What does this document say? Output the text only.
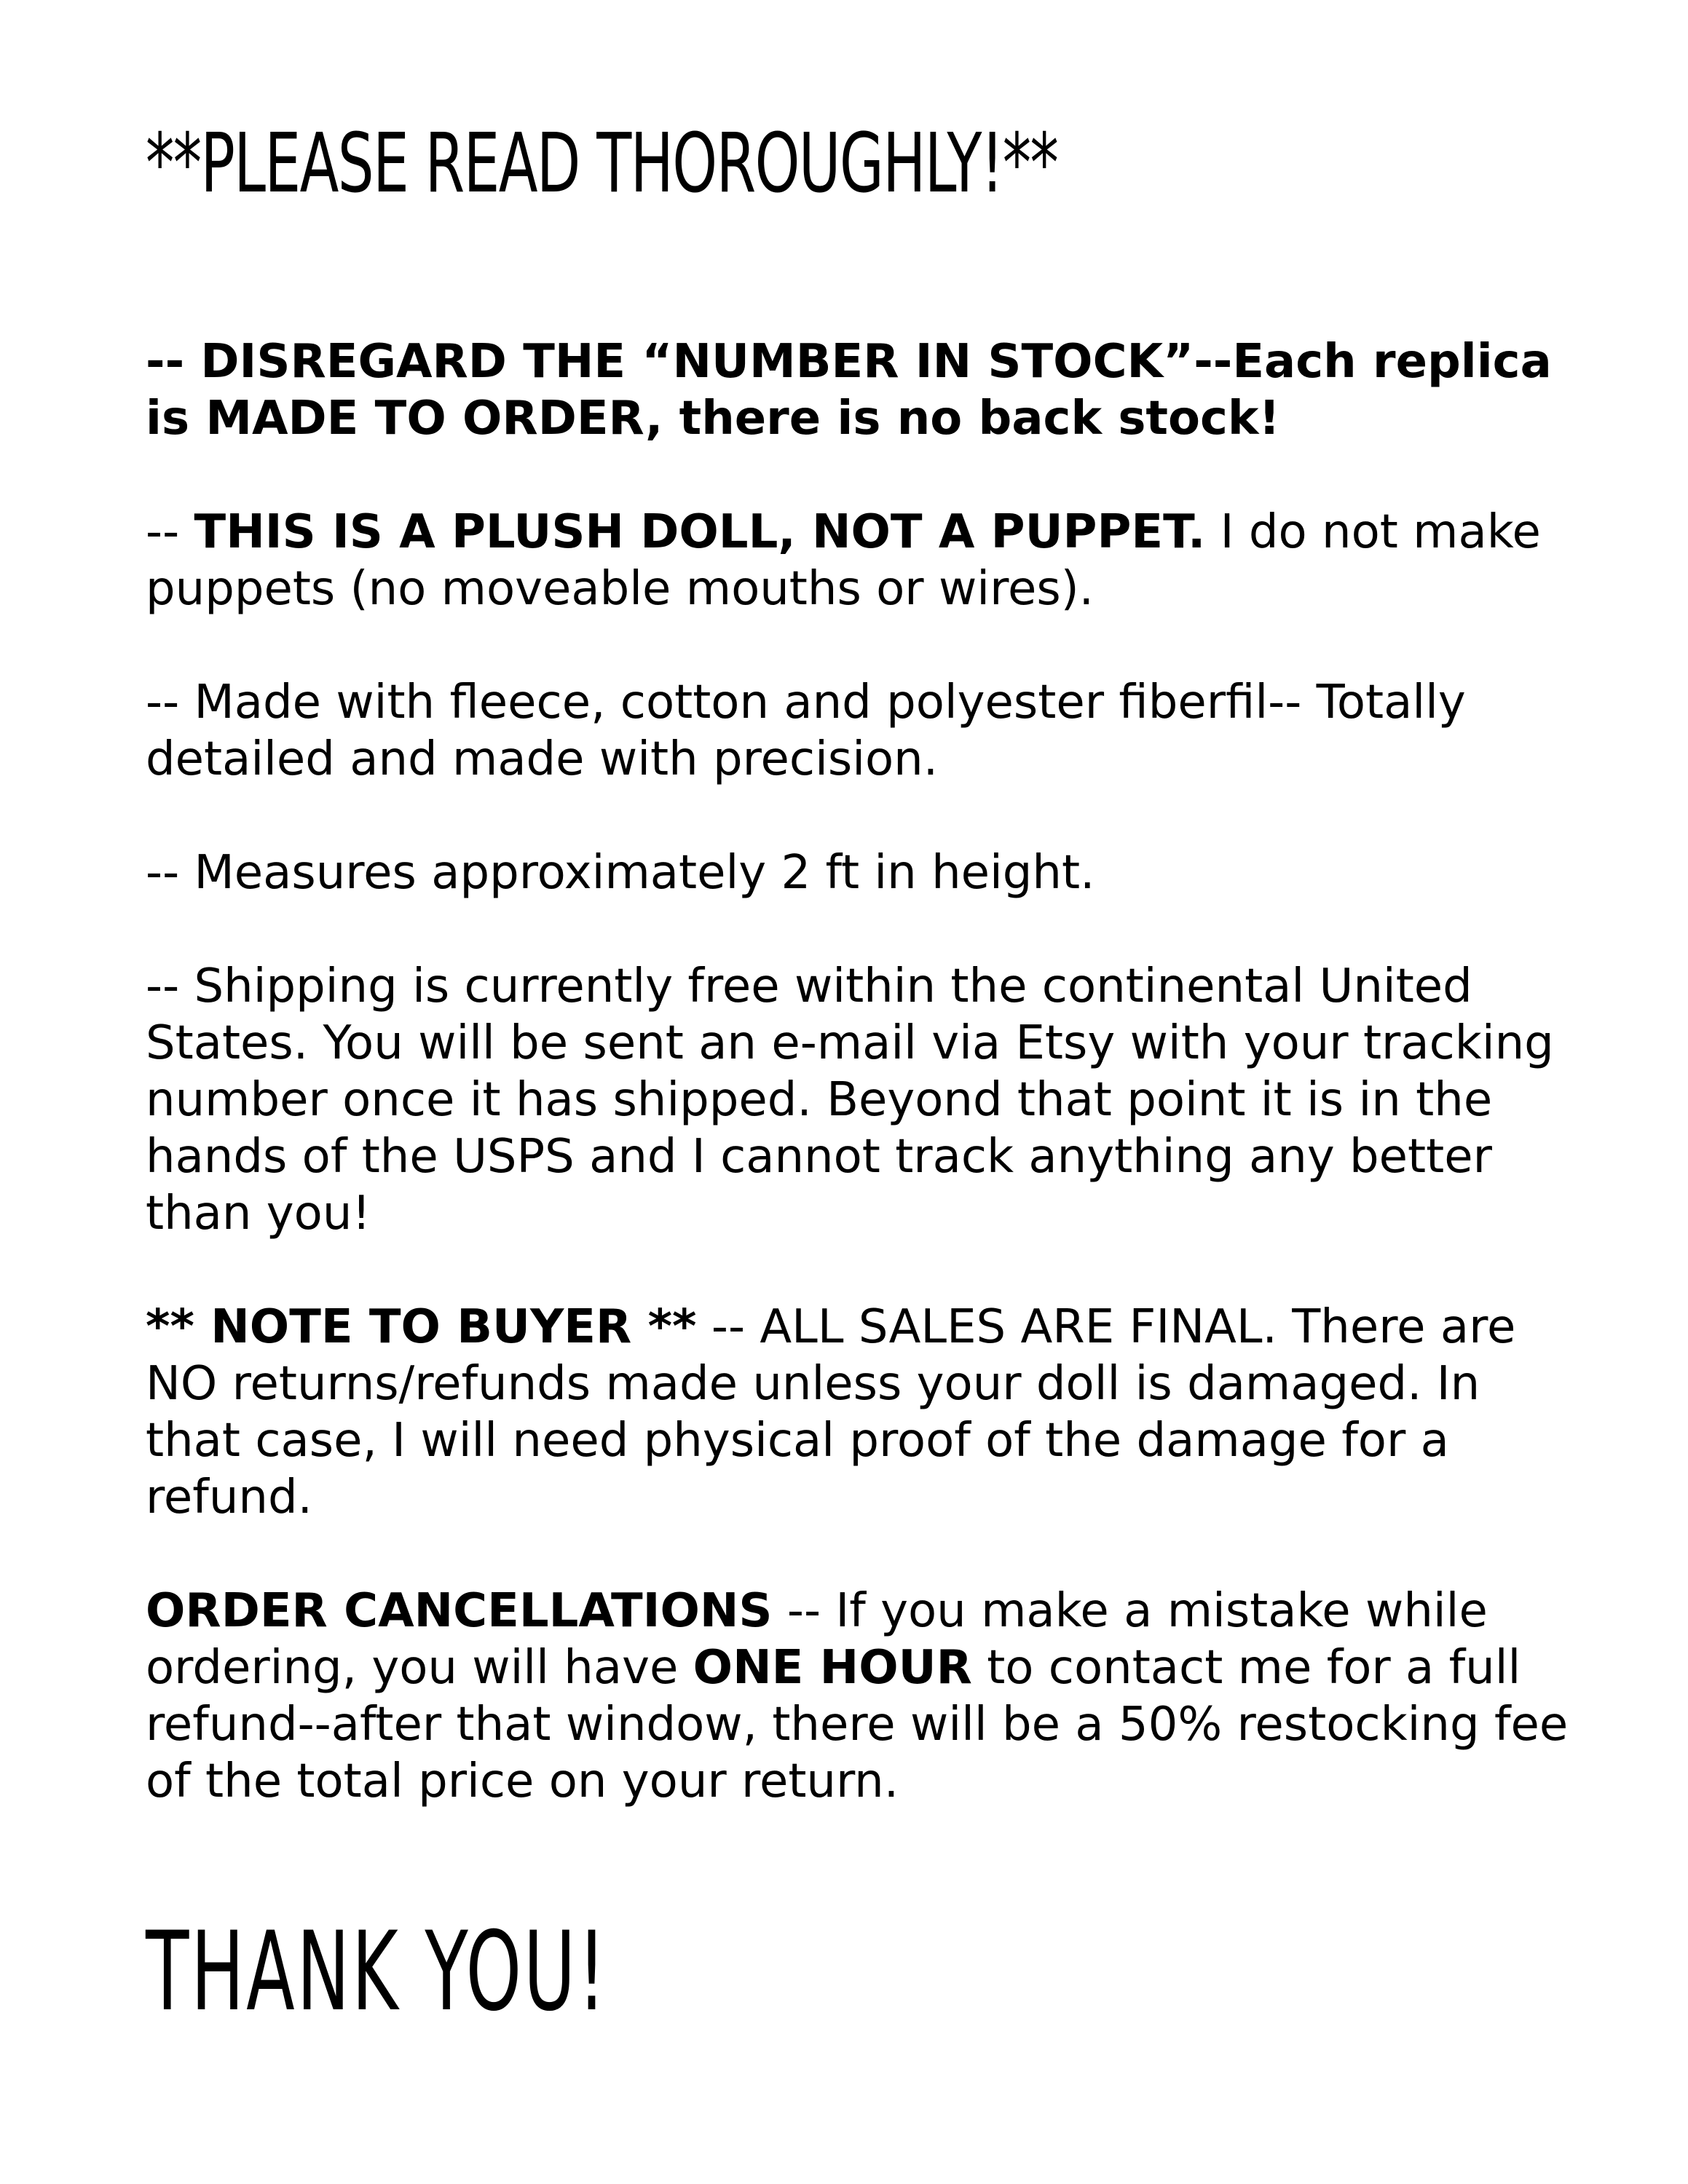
**PLEASE READ THOROUGHLY!**

-- DISREGARD THE “NUMBER IN STOCK”--Each replica is MADE TO ORDER, there is no back stock!

-- THIS IS A PLUSH DOLL, NOT A PUPPET. I do not make puppets (no moveable mouths or wires).

-- Made with fleece, cotton and polyester fiberfil-- Totally detailed and made with precision.

-- Measures approximately 2 ft in height.

-- Shipping is currently free within the continental United States. You will be sent an e-mail via Etsy with your tracking number once it has shipped. Beyond that point it is in the hands of the USPS and I cannot track anything any better than you!

** NOTE TO BUYER ** -- ALL SALES ARE FINAL. There are NO returns/refunds made unless your doll is damaged. In that case, I will need physical proof of the damage for a refund.

ORDER CANCELLATIONS -- If you make a mistake while ordering, you will have ONE HOUR to contact me for a full refund--after that window, there will be a 50% restocking fee of the total price on your return.

THANK YOU!
